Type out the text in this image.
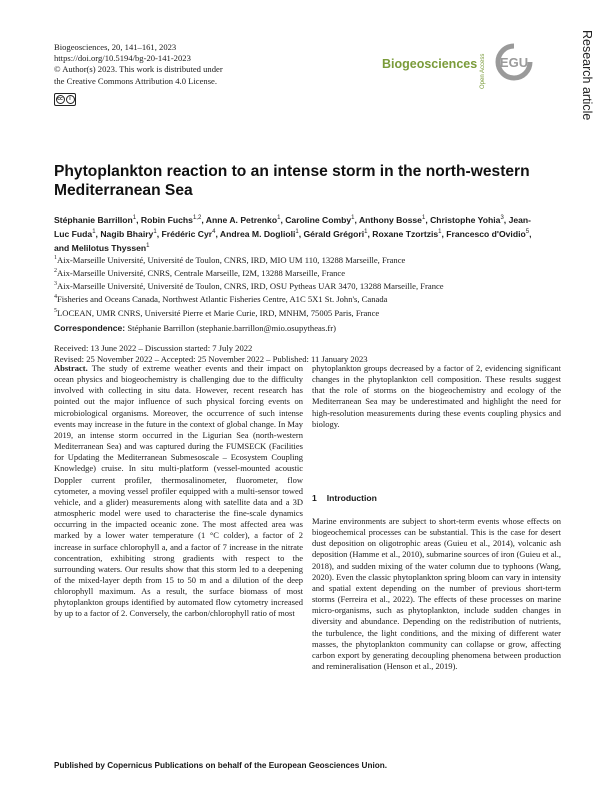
Biogeosciences, 20, 141–161, 2023
https://doi.org/10.5194/bg-20-141-2023
© Author(s) 2023. This work is distributed under
the Creative Commons Attribution 4.0 License.
cc	i
Biogeosciences Open Access EGU	Research article
Phytoplankton reaction to an intense storm in the north-western Mediterranean Sea
Stéphanie Barrillon$^1$, Robin Fuchs$^{1,2}$, Anne A. Petrenko$^1$, Caroline Comby$^1$, Anthony Bosse$^1$, Christophe Yohia$^3$, Jean-Luc Fuda$^1$, Nagib Bhairy$^1$, Frédéric Cyr$^4$, Andrea M. Doglioli$^1$, Gérald Grégori$^1$, Roxane Tzortzis$^1$, Francesco d'Ovidio$^5$, and Melilotus Thyssen$^1$
$^1$Aix-Marseille Université, Université de Toulon, CNRS, IRD, MIO UM 110, 13288 Marseille, France
$^2$Aix-Marseille Université, CNRS, Centrale Marseille, I2M, 13288 Marseille, France
$^3$Aix-Marseille Université, Université de Toulon, CNRS, IRD, OSU Pytheas UAR 3470, 13288 Marseille, France
$^4$Fisheries and Oceans Canada, Northwest Atlantic Fisheries Centre, A1C 5X1 St. John's, Canada
$^5$LOCEAN, UMR CNRS, Université Pierre et Marie Curie, IRD, MNHM, 75005 Paris, France
Correspondence: Stéphanie Barrillon (stephanie.barrillon@mio.osupytheas.fr)
Received: 13 June 2022 – Discussion started: 7 July 2022
Revised: 25 November 2022 – Accepted: 25 November 2022 – Published: 11 January 2023

Abstract. The study of extreme weather events and their impact on ocean physics and biogeochemistry is challenging due to the difficulty involved with collecting in situ data. However, recent research has pointed out the major influence of such physical forcing events on microbiological organisms. Moreover, the occurrence of such intense events may increase in the future in the context of global change. In May 2019, an intense storm occurred in the Ligurian Sea (north-western Mediterranean Sea) and was captured during the FUMSECK (Facilities for Updating the Mediterranean Submesoscale – Ecosystem Coupling Knowledge) cruise. In situ multi-platform (vessel-mounted acoustic Doppler current profiler, thermosalinometer, fluorometer, flow cytometer, a moving vessel profiler equipped with a multi-sensor towed vehicle, and a glider) measurements along with satellite data and a 3D atmospheric model were used to characterise the fine-scale dynamics occurring in the impacted oceanic zone. The most affected area was marked by a lower water temperature (1 °C colder), a factor of 2 increase in surface chlorophyll a, and a factor of 7 increase in the nitrate concentration, exhibiting strong gradients with respect to the surrounding waters. Our results show that this storm led to a deepening of the mixed-layer depth from 15 to 50 m and a dilution of the deep chlorophyll maximum. As a result, the surface biomass of most phytoplankton groups identified by automated flow cytometry increased by up to a factor of 2. Conversely, the carbon/chlorophyll ratio of most

phytoplankton groups decreased by a factor of 2, evidencing significant changes in the phytoplankton cell composition. These results suggest that the role of storms on the biogeochemistry and ecology of the Mediterranean Sea may be underestimated and highlight the need for high-resolution measurements during these events coupling physics and biology.

1 Introduction

Marine environments are subject to short-term events whose effects on biogeochemical processes can be substantial. This is the case for desert dust deposition on oligotrophic areas (Guieu et al., 2014), volcanic ash deposition (Hamme et al., 2010), submarine sources of iron (Guieu et al., 2018), and sudden mixing of the water column due to typhoons (Wang, 2020). Even the classic phytoplankton spring bloom can vary in intensity and spatial extent depending on the number of previous short-term storms (Ferreira et al., 2022). The effects of these processes on marine micro-organisms, such as phytoplankton, include sudden changes in diversity and abundance. Depending on the redistribution of nutrients, the turbulence, the light conditions, and the mixing of different water masses, the phytoplankton community can collapse or grow, affecting carbon export by generating decoupling phenomena between production and remineralisation (Henson et al., 2019).

Published by Copernicus Publications on behalf of the European Geosciences Union.
